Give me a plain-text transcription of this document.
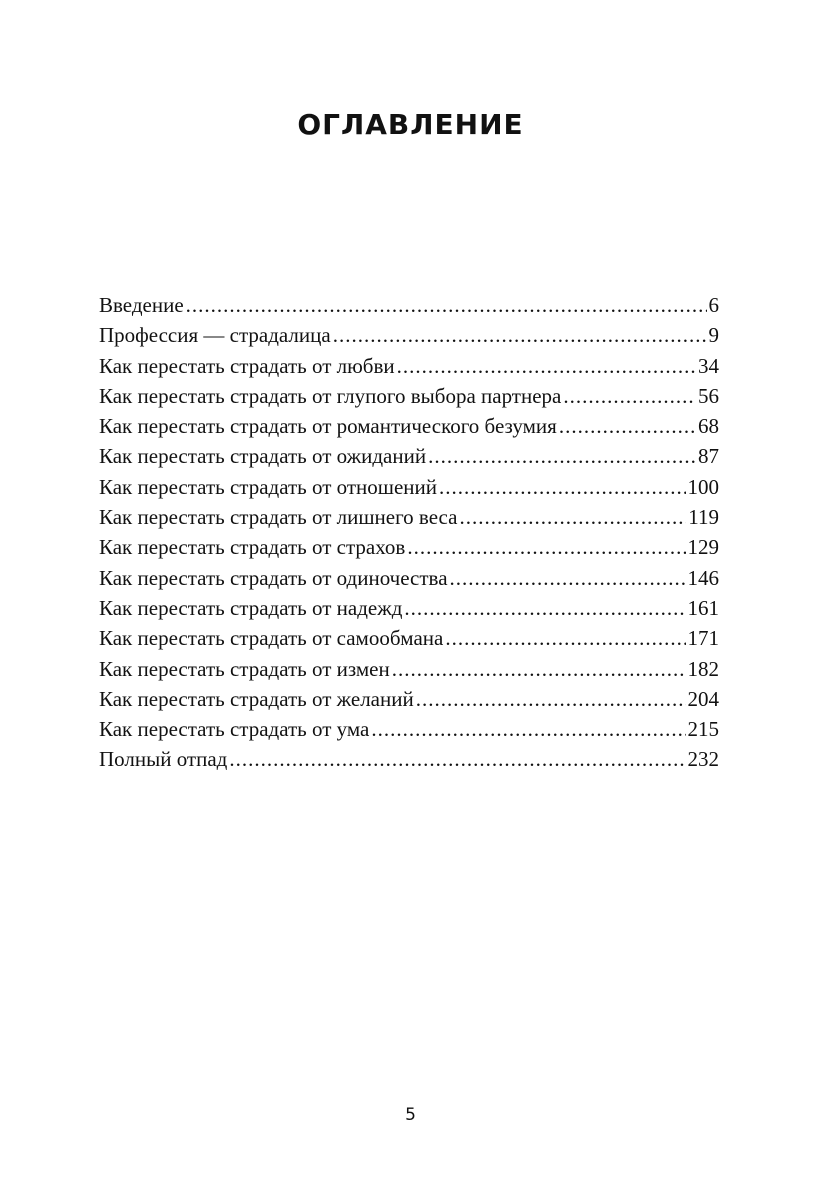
ОГЛАВЛЕНИЕ
Введение .....	6
Профессия — страдалица .....	9
Как перестать страдать от любви .....	34
Как перестать страдать от глупого выбора партнера .....	56
Как перестать страдать от романтического безумия .....	68
Как перестать страдать от ожиданий .....	87
Как перестать страдать от отношений .....	100
Как перестать страдать от лишнего веса .....	119
Как перестать страдать от страхов .....	129
Как перестать страдать от одиночества .....	146
Как перестать страдать от надежд .....	161
Как перестать страдать от самообмана .....	171
Как перестать страдать от измен .....	182
Как перестать страдать от желаний .....	204
Как перестать страдать от ума .....	215
Полный отпад .....	232
5
